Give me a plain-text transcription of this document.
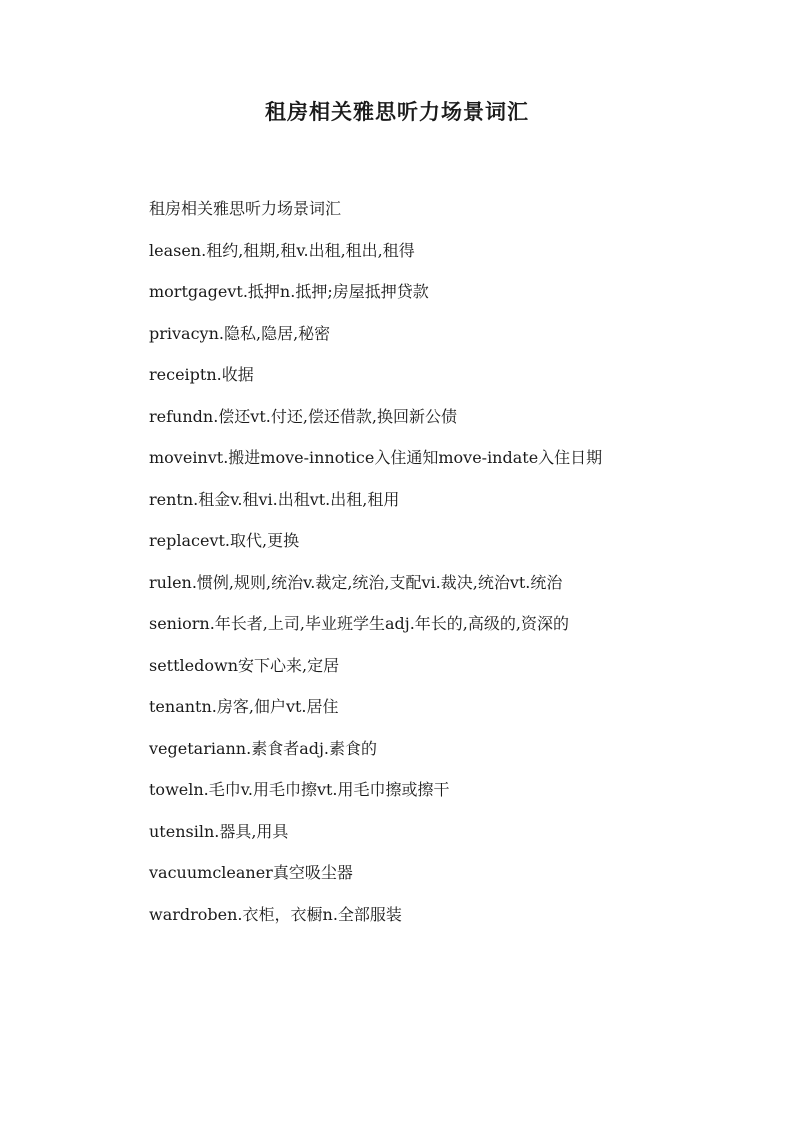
租房相关雅思听力场景词汇

租房相关雅思听力场景词汇

leasen.租约,租期,租v.出租,租出,租得

mortgagevt.抵押n.抵押;房屋抵押贷款

privacyn.隐私,隐居,秘密

receiptn.收据

refundn.偿还vt.付还,偿还借款,换回新公债

moveinvt.搬进move-innotice入住通知move-indate入住日期

rentn.租金v.租vi.出租vt.出租,租用

replacevt.取代,更换

rulen.惯例,规则,统治v.裁定,统治,支配vi.裁决,统治vt.统治

seniorn.年长者,上司,毕业班学生adj.年长的,高级的,资深的

settledown安下心来,定居

tenantn.房客,佃户vt.居住

vegetariann.素食者adj.素食的

toweln.毛巾v.用毛巾擦vt.用毛巾擦或擦干

utensiln.器具,用具

vacuumcleaner真空吸尘器

wardroben.衣柜，衣橱n.全部服装
